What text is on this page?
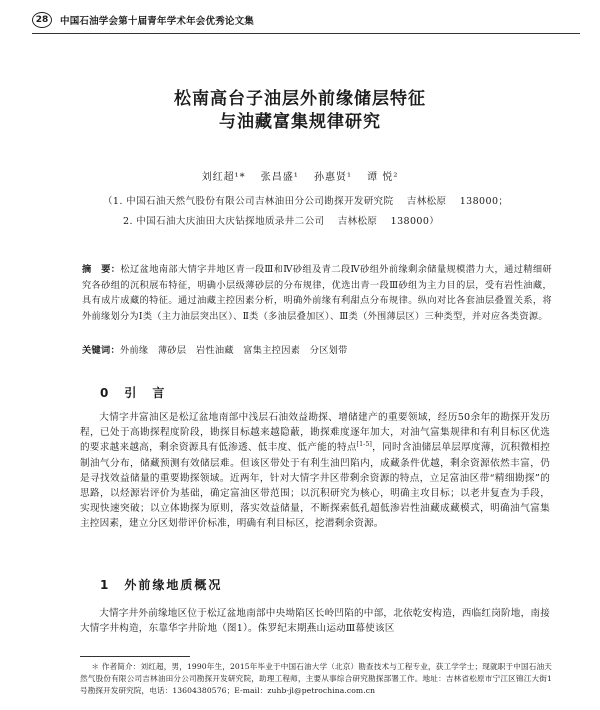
28	中国石油学会第十届青年学术年会优秀论文集
松南高台子油层外前缘储层特征
与油藏富集规律研究
刘红超¹* 　张昌盛¹ 　孙惠贤¹ 　谭 悦²
（1. 中国石油天然气股份有限公司吉林油田分公司勘探开发研究院 　吉林松原 　138000；
2. 中国石油大庆油田大庆钻探地质录井二公司 　吉林松原 　138000）
摘　要：松辽盆地南部大情字井地区青一段Ⅲ和Ⅳ砂组及青二段Ⅳ砂组外前缘剩余储量规模潜力大，通过精细研究各砂组的沉积展布特征，明确小层级薄砂层的分布规律，优选出青一段Ⅲ砂组为主力目的层，受有岩性油藏，具有成片成藏的特征。通过油藏主控因素分析，明确外前缘有利甜点分布规律。纵向对比各套油层叠置关系，将外前缘划分为Ⅰ类（主力油层突出区）、Ⅱ类（多油层叠加区）、Ⅲ类（外围薄层区）三种类型，并对应各类资源。
关键词：外前缘　薄砂层　岩性油藏　富集主控因素　分区划带
0　引　言
大情字井富油区是松辽盆地南部中浅层石油效益勘探、增储建产的重要领域，经历50余年的勘探开发历程，已处于高勘探程度阶段，勘探目标越来越隐蔽，勘探难度逐年加大，对油气富集规律和有利目标区优选的要求越来越高，剩余资源具有低渗透、低丰度、低产能的特点[1-5]，同时含油储层单层厚度薄，沉积微相控制油气分布，储藏预测有效储层难。但该区带处于有利生油凹陷内，成藏条件优越，剩余资源依然丰富，仍是寻找效益储量的重要勘探领域。近两年，针对大情字井区带剩余资源的特点，立足富油区带“精细勘探”的思路，以烃源岩评价为基础，确定富油区带范围；以沉积研究为核心，明确主攻目标；以老井复查为手段，实现快速突破；以立体勘探为原则，落实效益储量，不断探索低孔超低渗岩性油藏成藏模式，明确油气富集主控因素，建立分区划带评价标准，明确有利目标区，挖潜剩余资源。
1　外前缘地质概况
大情字井外前缘地区位于松辽盆地南部中央坳陷区长岭凹陷的中部，北依乾安构造，西临红岗阶地，南接大情字井构造，东靠华字井阶地（图1）。侏罗纪末期燕山运动Ⅲ幕使该区
＊ 作者简介：刘红超，男，1990年生，2015年毕业于中国石油大学（北京）勘查技术与工程专业，获工学学士；现就职于中国石油天然气股份有限公司吉林油田分公司勘探开发研究院，助理工程师，主要从事综合研究勘探部署工作。地址：吉林省松原市宁江区锦江大街1号勘探开发研究院，电话：13604380576；E-mail：zuhb-jl@petrochina.com.cn
